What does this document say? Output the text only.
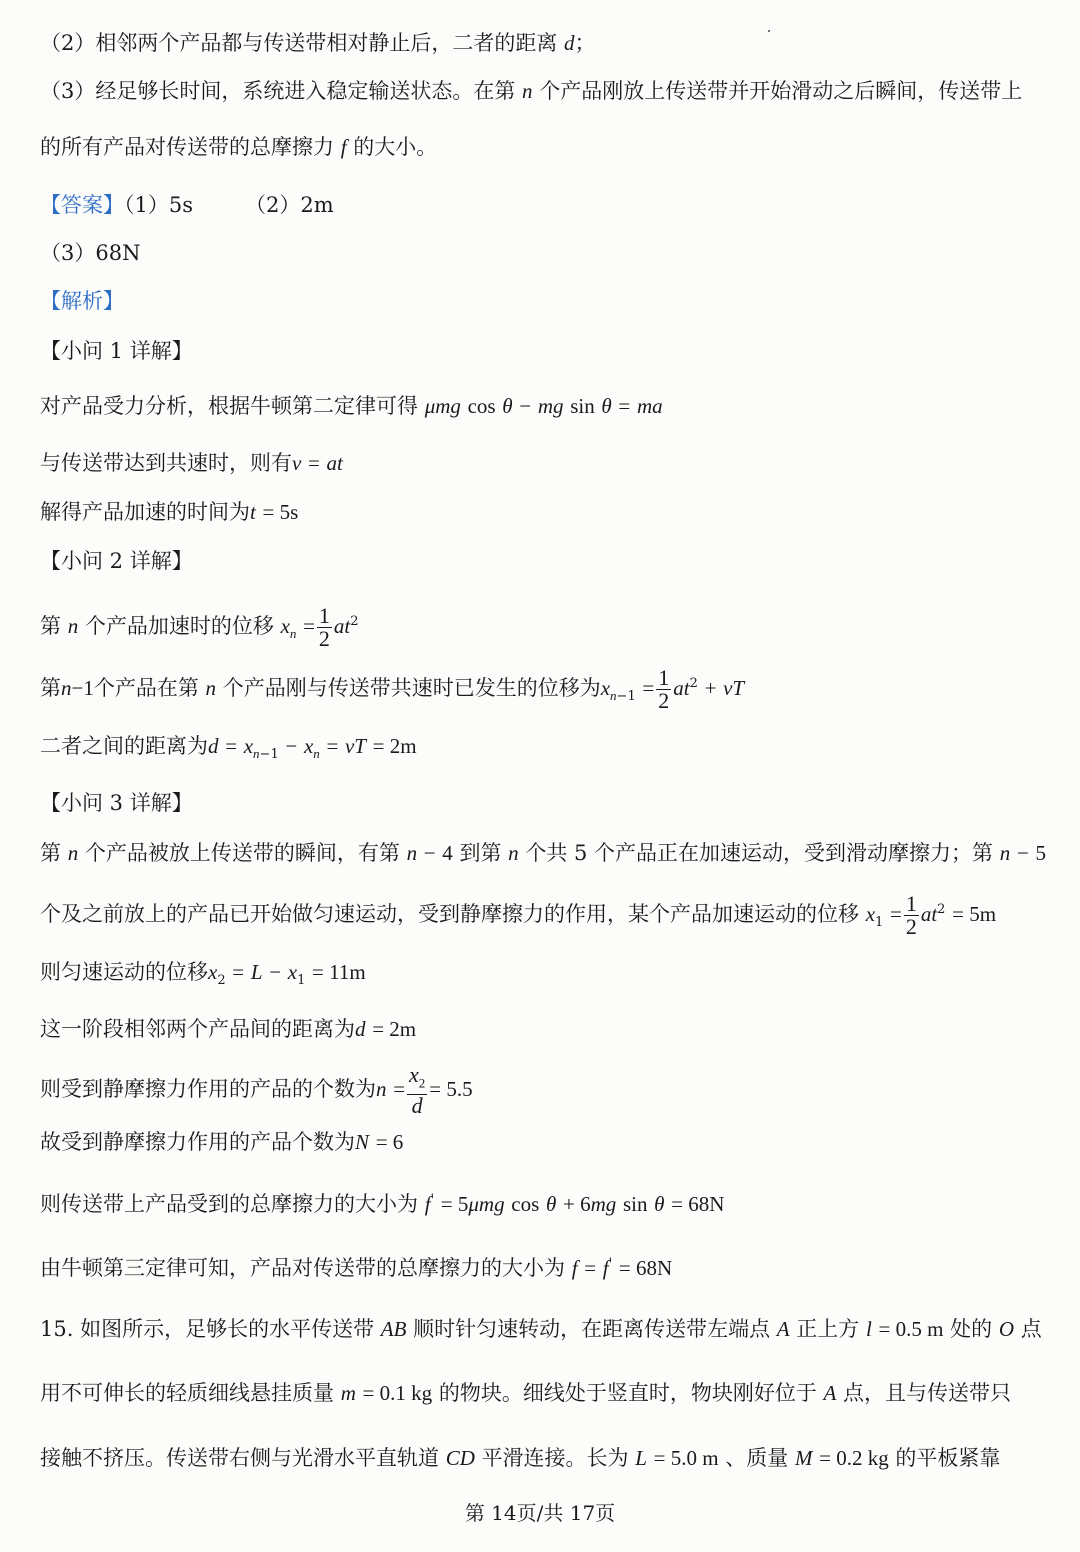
（2）相邻两个产品都与传送带相对静止后，二者的距离 d；
（3）经足够长时间，系统进入稳定输送状态。在第 n 个产品刚放上传送带并开始滑动之后瞬间，传送带上
的所有产品对传送带的总摩擦力 f 的大小。
【答案】（1）5s （2）2m
（3）68N
【解析】
【小问 1 详解】
对产品受力分析，根据牛顿第二定律可得 μmg cos θ − mg sin θ = ma
与传送带达到共速时，则有v = at
解得产品加速的时间为t = 5s
【小问 2 详解】
第 n 个产品加速时的位移 $x_n = \frac{1}{2} at^2$
第n−1个产品在第 n 个产品刚与传送带共速时已发生的位移为$x_{n-1} = \frac{1}{2} at^2$ + vT
二者之间的距离为$d = x_{n-1} - x_n$ = vT = 2m
【小问 3 详解】
第 n 个产品被放上传送带的瞬间，有第 n − 4 到第 n 个共 5 个产品正在加速运动，受到滑动摩擦力；第 n − 5
个及之前放上的产品已开始做匀速运动，受到静摩擦力的作用，某个产品加速运动的位移 $x_1 = \frac{1}{2} at^2 = 5m$
则匀速运动的位移$x_2 = L - x_1 = 11m$
这一阶段相邻两个产品间的距离为d = 2m
则受到静摩擦力作用的产品的个数为$n = \frac{x_2}{d} = 5.5$
故受到静摩擦力作用的产品个数为N = 6
则传送带上产品受到的总摩擦力的大小为 f' = 5μmg cos θ + 6mg sin θ = 68N
由牛顿第三定律可知，产品对传送带的总摩擦力的大小为 f = f' = 68N
15. 如图所示，足够长的水平传送带 AB 顺时针匀速转动，在距离传送带左端点 A 正上方 l = 0.5 m 处的 O 点
用不可伸长的轻质细线悬挂质量 m = 0.1 kg 的物块。细线处于竖直时，物块刚好位于 A 点，且与传送带只
接触不挤压。传送带右侧与光滑水平直轨道 CD 平滑连接。长为 L = 5.0 m 、质量 M = 0.2 kg 的平板紧靠
第 14页/共 17页
